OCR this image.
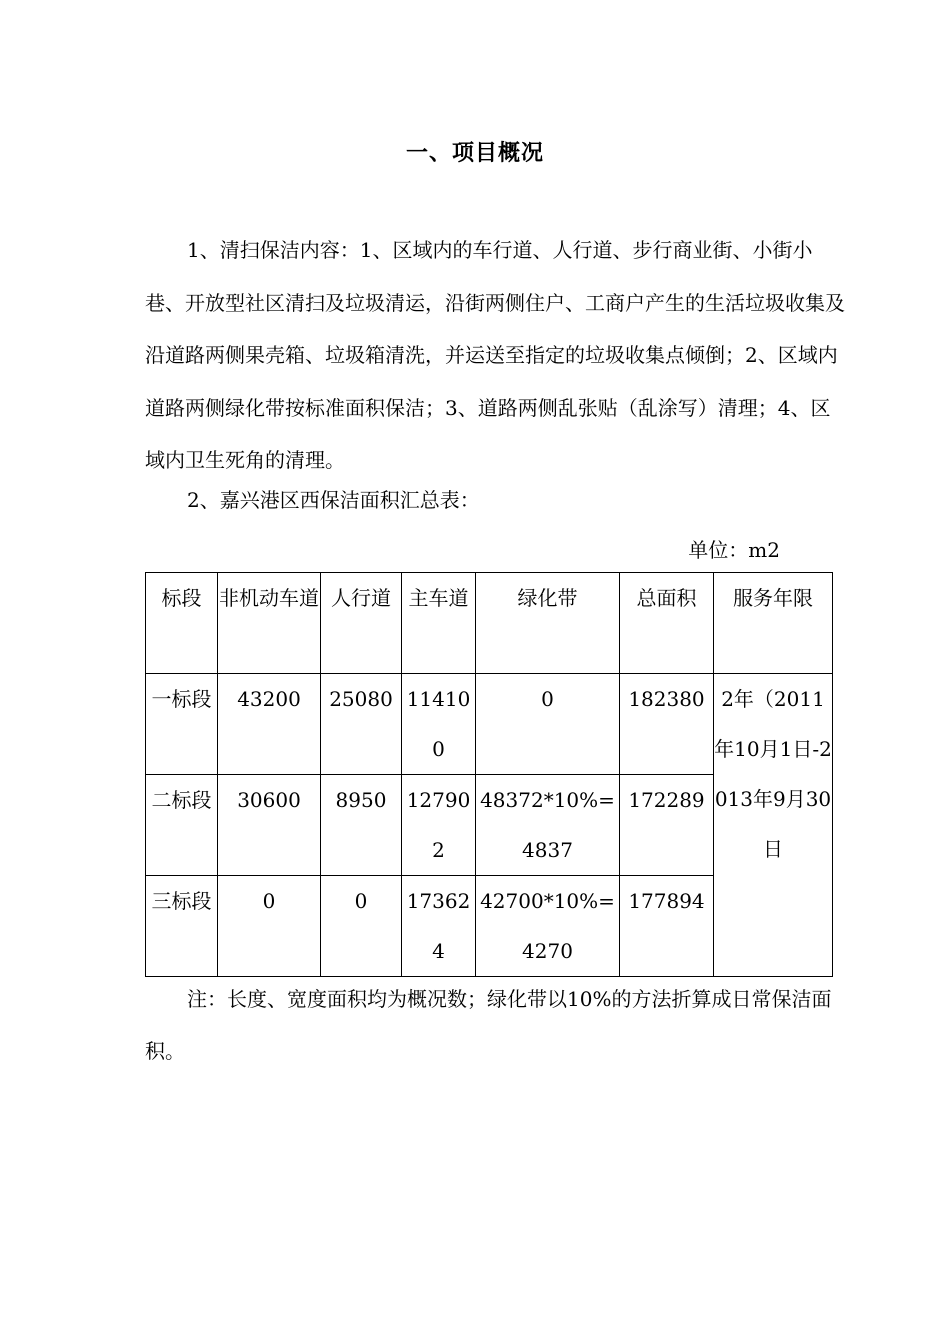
一、项目概况

1、清扫保洁内容：1、区域内的车行道、人行道、步行商业街、小街小巷、开放型社区清扫及垃圾清运，沿街两侧住户、工商户产生的生活垃圾收集及沿道路两侧果壳箱、垃圾箱清洗，并运送至指定的垃圾收集点倾倒；2、区域内道路两侧绿化带按标准面积保洁；3、道路两侧乱张贴（乱涂写）清理；4、区域内卫生死角的清理。

2、嘉兴港区西保洁面积汇总表：

单位：m2
标段	非机动车道	人行道	主车道	绿化带	总面积	服务年限

一标段	43200	25080	114100	0	182380	2年（2011年10月1日-2013年9月30日

二标段	30600	8950	127902	48372*10%=4837	172289	

三标段	0	0	173624	42700*10%=4270	177894	

注：长度、宽度面积均为概况数；绿化带以10%的方法折算成日常保洁面积。
